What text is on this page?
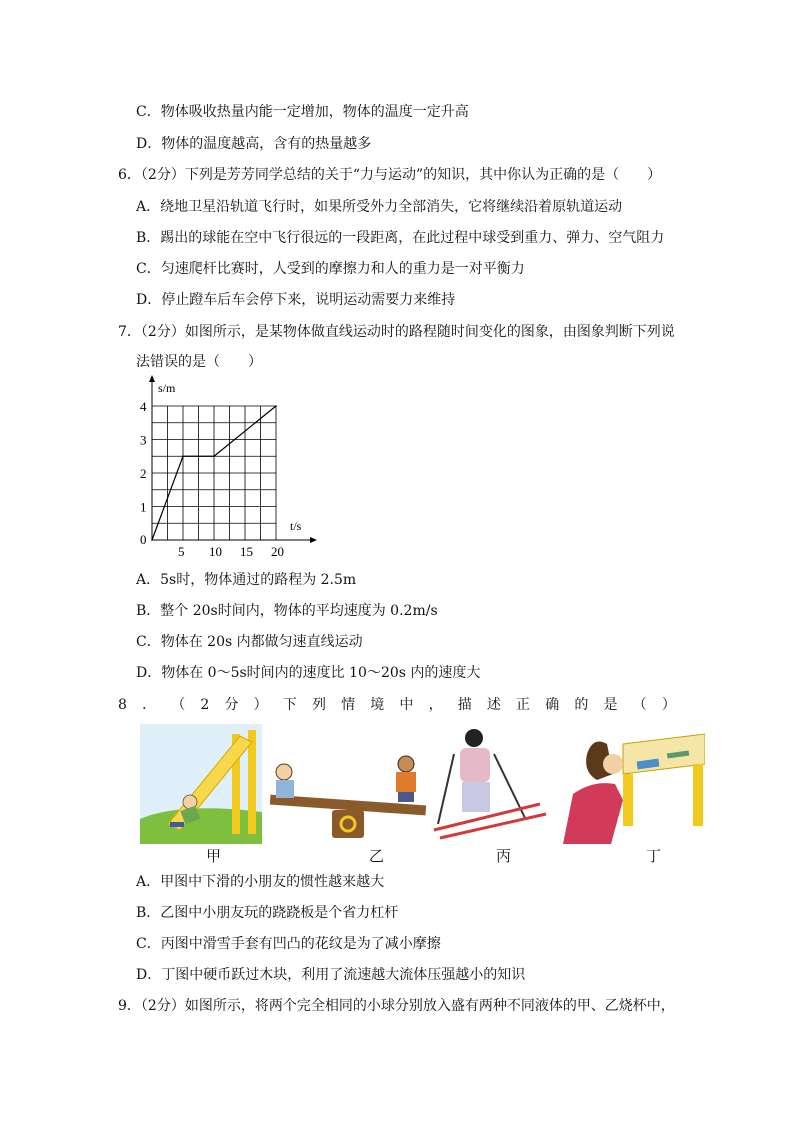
C．物体吸收热量内能一定增加，物体的温度一定升高
D．物体的温度越高，含有的热量越多
6．（2分）下列是芳芳同学总结的关于“力与运动”的知识，其中你认为正确的是（　　）
A．绕地卫星沿轨道飞行时，如果所受外力全部消失，它将继续沿着原轨道运动
B．踢出的球能在空中飞行很远的一段距离，在此过程中球受到重力、弹力、空气阻力
C．匀速爬杆比赛时，人受到的摩擦力和人的重力是一对平衡力
D．停止蹬车后车会停下来，说明运动需要力来维持
7．（2分）如图所示，是某物体做直线运动时的路程随时间变化的图象，由图象判断下列说
法错误的是（　　）
s/m
t/s
0
5 10 15 20
1
2
3
4
A．5s时，物体通过的路程为 2.5m
B．整个 20s时间内，物体的平均速度为 0.2m/s
C．物体在 20s 内都做匀速直线运动
D．物体在 0～5s时间内的速度比 10～20s 内的速度大
8 ． （ 2 分 ） 下 列 情 境 中 ， 描 述 正 确 的 是 （ ）
甲	乙	丙	丁
A．甲图中下滑的小朋友的惯性越来越大
B．乙图中小朋友玩的跷跷板是个省力杠杆
C．丙图中滑雪手套有凹凸的花纹是为了减小摩擦
D．丁图中硬币跃过木块，利用了流速越大流体压强越小的知识
9．（2分）如图所示，将两个完全相同的小球分别放入盛有两种不同液体的甲、乙烧杯中，
